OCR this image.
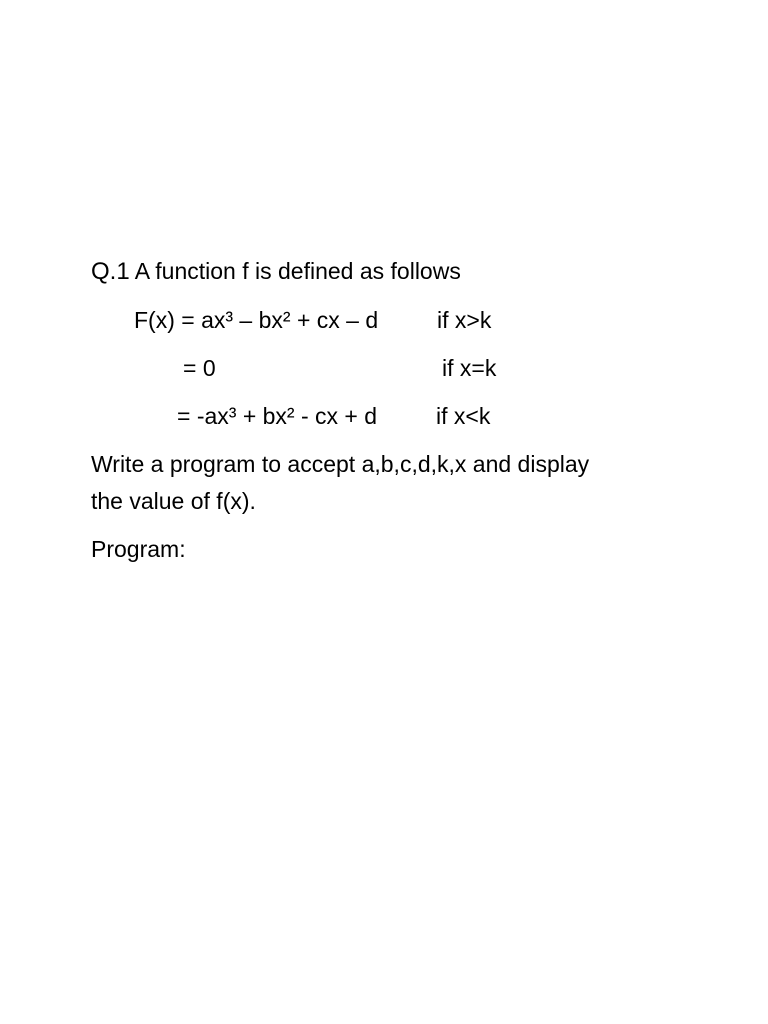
Q.1 A function f is defined as follows
F(x) = ax³ – bx² + cx – d	if x>k
= 0	if x=k
= -ax³ + bx² - cx + d	if x<k
Write a program to accept a,b,c,d,k,x and display
the value of f(x).
Program:
